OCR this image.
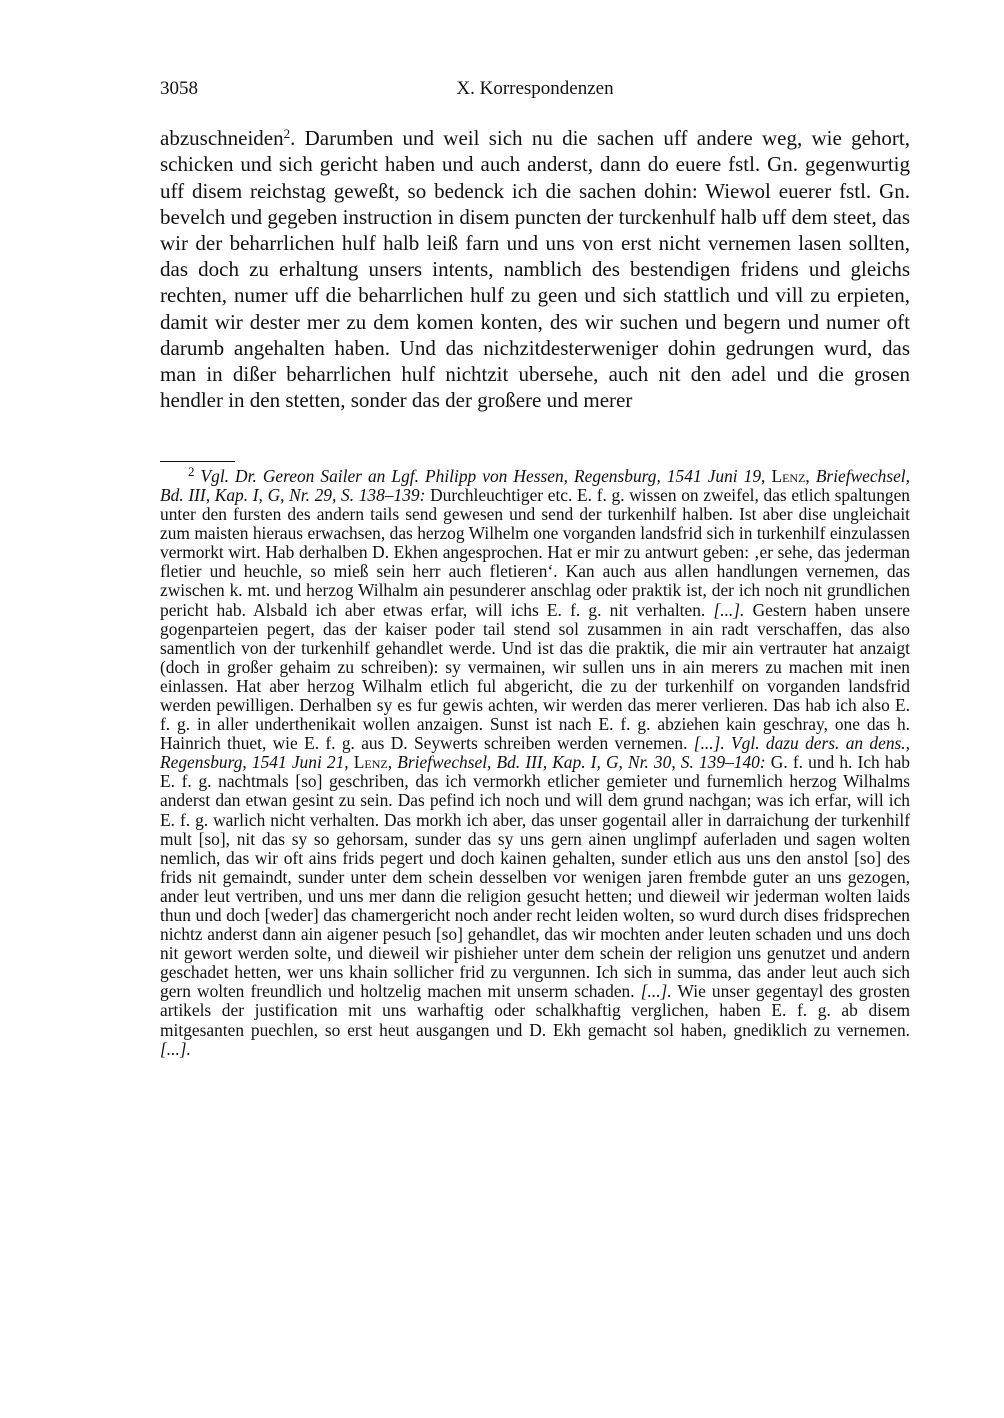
3058	X. Korrespondenzen

abzuschneiden$^2$. Darumben und weil sich nu die sachen uff andere weg, wie gehort, schicken und sich gericht haben und auch anderst, dann do euere fstl. Gn. gegenwurtig uff disem reichstag geweßt, so bedenck ich die sachen dohin: Wiewol euerer fstl. Gn. bevelch und gegeben instruction in disem puncten der turckenhulf halb uff dem steet, das wir der beharrlichen hulf halb leiß farn und uns von erst nicht vernemen lasen sollten, das doch zu erhaltung unsers intents, namblich des bestendigen fridens und gleichs rechten, numer uff die beharrlichen hulf zu geen und sich stattlich und vill zu erpieten, damit wir dester mer zu dem komen konten, des wir suchen und begern und numer oft darumb angehalten haben. Und das nichzitdesterweniger dohin gedrungen wurd, das man in dißer beharrlichen hulf nichtzit ubersehe, auch nit den adel und die grosen hendler in den stetten, sonder das der großere und merer

$^2$ Vgl. Dr. Gereon Sailer an Lgf. Philipp von Hessen, Regensburg, 1541 Juni 19, Lenz, Briefwechsel, Bd. III, Kap. I, G, Nr. 29, S. 138–139: Durchleuchtiger etc. E. f. g. wissen on zweifel, das etlich spaltungen unter den fursten des andern tails send gewesen und send der turkenhilf halben. Ist aber dise ungleichait zum maisten hieraus erwachsen, das herzog Wilhelm one vorganden landsfrid sich in turkenhilf einzulassen vermorkt wirt. Hab derhalben D. Ekhen angesprochen. Hat er mir zu antwurt geben: ‚er sehe, das jederman fletier und heuchle, so mieß sein herr auch fletieren‘. Kan auch aus allen handlungen vernemen, das zwischen k. mt. und herzog Wilhalm ain pesunderer anschlag oder praktik ist, der ich noch nit grundlichen pericht hab. Alsbald ich aber etwas erfar, will ichs E. f. g. nit verhalten. [...]. Gestern haben unsere gogenparteien pegert, das der kaiser poder tail stend sol zusammen in ain radt verschaffen, das also samentlich von der turkenhilf gehandlet werde. Und ist das die praktik, die mir ain vertrauter hat anzaigt (doch in großer gehaim zu schreiben): sy vermainen, wir sullen uns in ain merers zu machen mit inen einlassen. Hat aber herzog Wilhalm etlich ful abgericht, die zu der turkenhilf on vorganden landsfrid werden pewilligen. Derhalben sy es fur gewis achten, wir werden das merer verlieren. Das hab ich also E. f. g. in aller underthenikait wollen anzaigen. Sunst ist nach E. f. g. abziehen kain geschray, one das h. Hainrich thuet, wie E. f. g. aus D. Seywerts schreiben werden vernemen. [...]. Vgl. dazu ders. an dens., Regensburg, 1541 Juni 21, Lenz, Briefwechsel, Bd. III, Kap. I, G, Nr. 30, S. 139–140: G. f. und h. Ich hab E. f. g. nachtmals [so] geschriben, das ich vermorkh etlicher gemieter und furnemlich herzog Wilhalms anderst dan etwan gesint zu sein. Das pefind ich noch und will dem grund nachgan; was ich erfar, will ich E. f. g. warlich nicht verhalten. Das morkh ich aber, das unser gogentail aller in darraichung der turkenhilf mult [so], nit das sy so gehorsam, sunder das sy uns gern ainen unglimpf auferladen und sagen wolten nemlich, das wir oft ains frids pegert und doch kainen gehalten, sunder etlich aus uns den anstol [so] des frids nit gemaindt, sunder unter dem schein desselben vor wenigen jaren frembde guter an uns gezogen, ander leut vertriben, und uns mer dann die religion gesucht hetten; und dieweil wir jederman wolten laids thun und doch [weder] das chamergericht noch ander recht leiden wolten, so wurd durch dises fridsprechen nichtz anderst dann ain aigener pesuch [so] gehandlet, das wir mochten ander leuten schaden und uns doch nit gewort werden solte, und dieweil wir pishieher unter dem schein der religion uns genutzet und andern geschadet hetten, wer uns khain sollicher frid zu vergunnen. Ich sich in summa, das ander leut auch sich gern wolten freundlich und holtzelig machen mit unserm schaden. [...]. Wie unser gegentayl des grosten artikels der justification mit uns warhaftig oder schalkhaftig verglichen, haben E. f. g. ab disem mitgesanten puechlen, so erst heut ausgangen und D. Ekh gemacht sol haben, gnediklich zu vernemen. [...].
